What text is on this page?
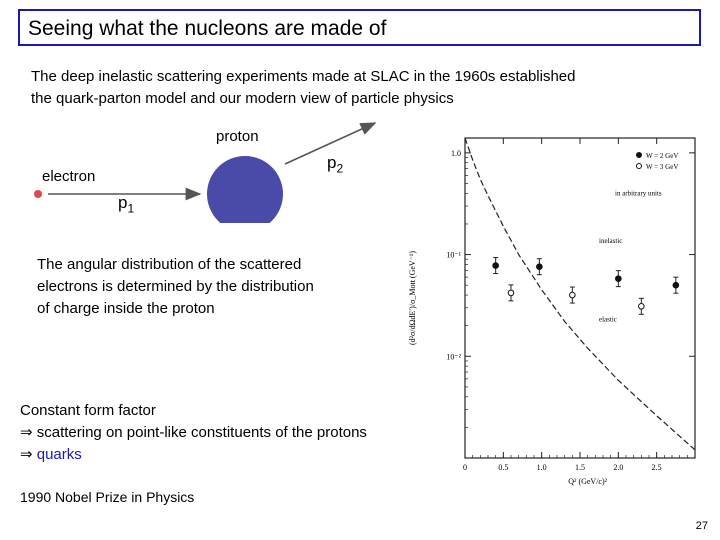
Seeing what the nucleons are made of
The deep inelastic scattering experiments made at SLAC in the 1960s established
the quark-parton model and our modern view of particle physics
proton
electron
$p_1$
$p_2$
The angular distribution of the scattered
electrons is determined by the distribution
of charge inside the proton
0	0.5	1.0	1.5	2.0	2.5
1.0
10⁻¹
10⁻²
Q² (GeV/c)²
(d²σ/dΩdE′)/σ_Mott (GeV⁻¹)
W = 2 GeV
W = 3 GeV
in arbitrary units
inelastic
elastic
Constant form factor
⇒ scattering on point-like constituents of the protons
⇒ quarks
1990 Nobel Prize in Physics
27
